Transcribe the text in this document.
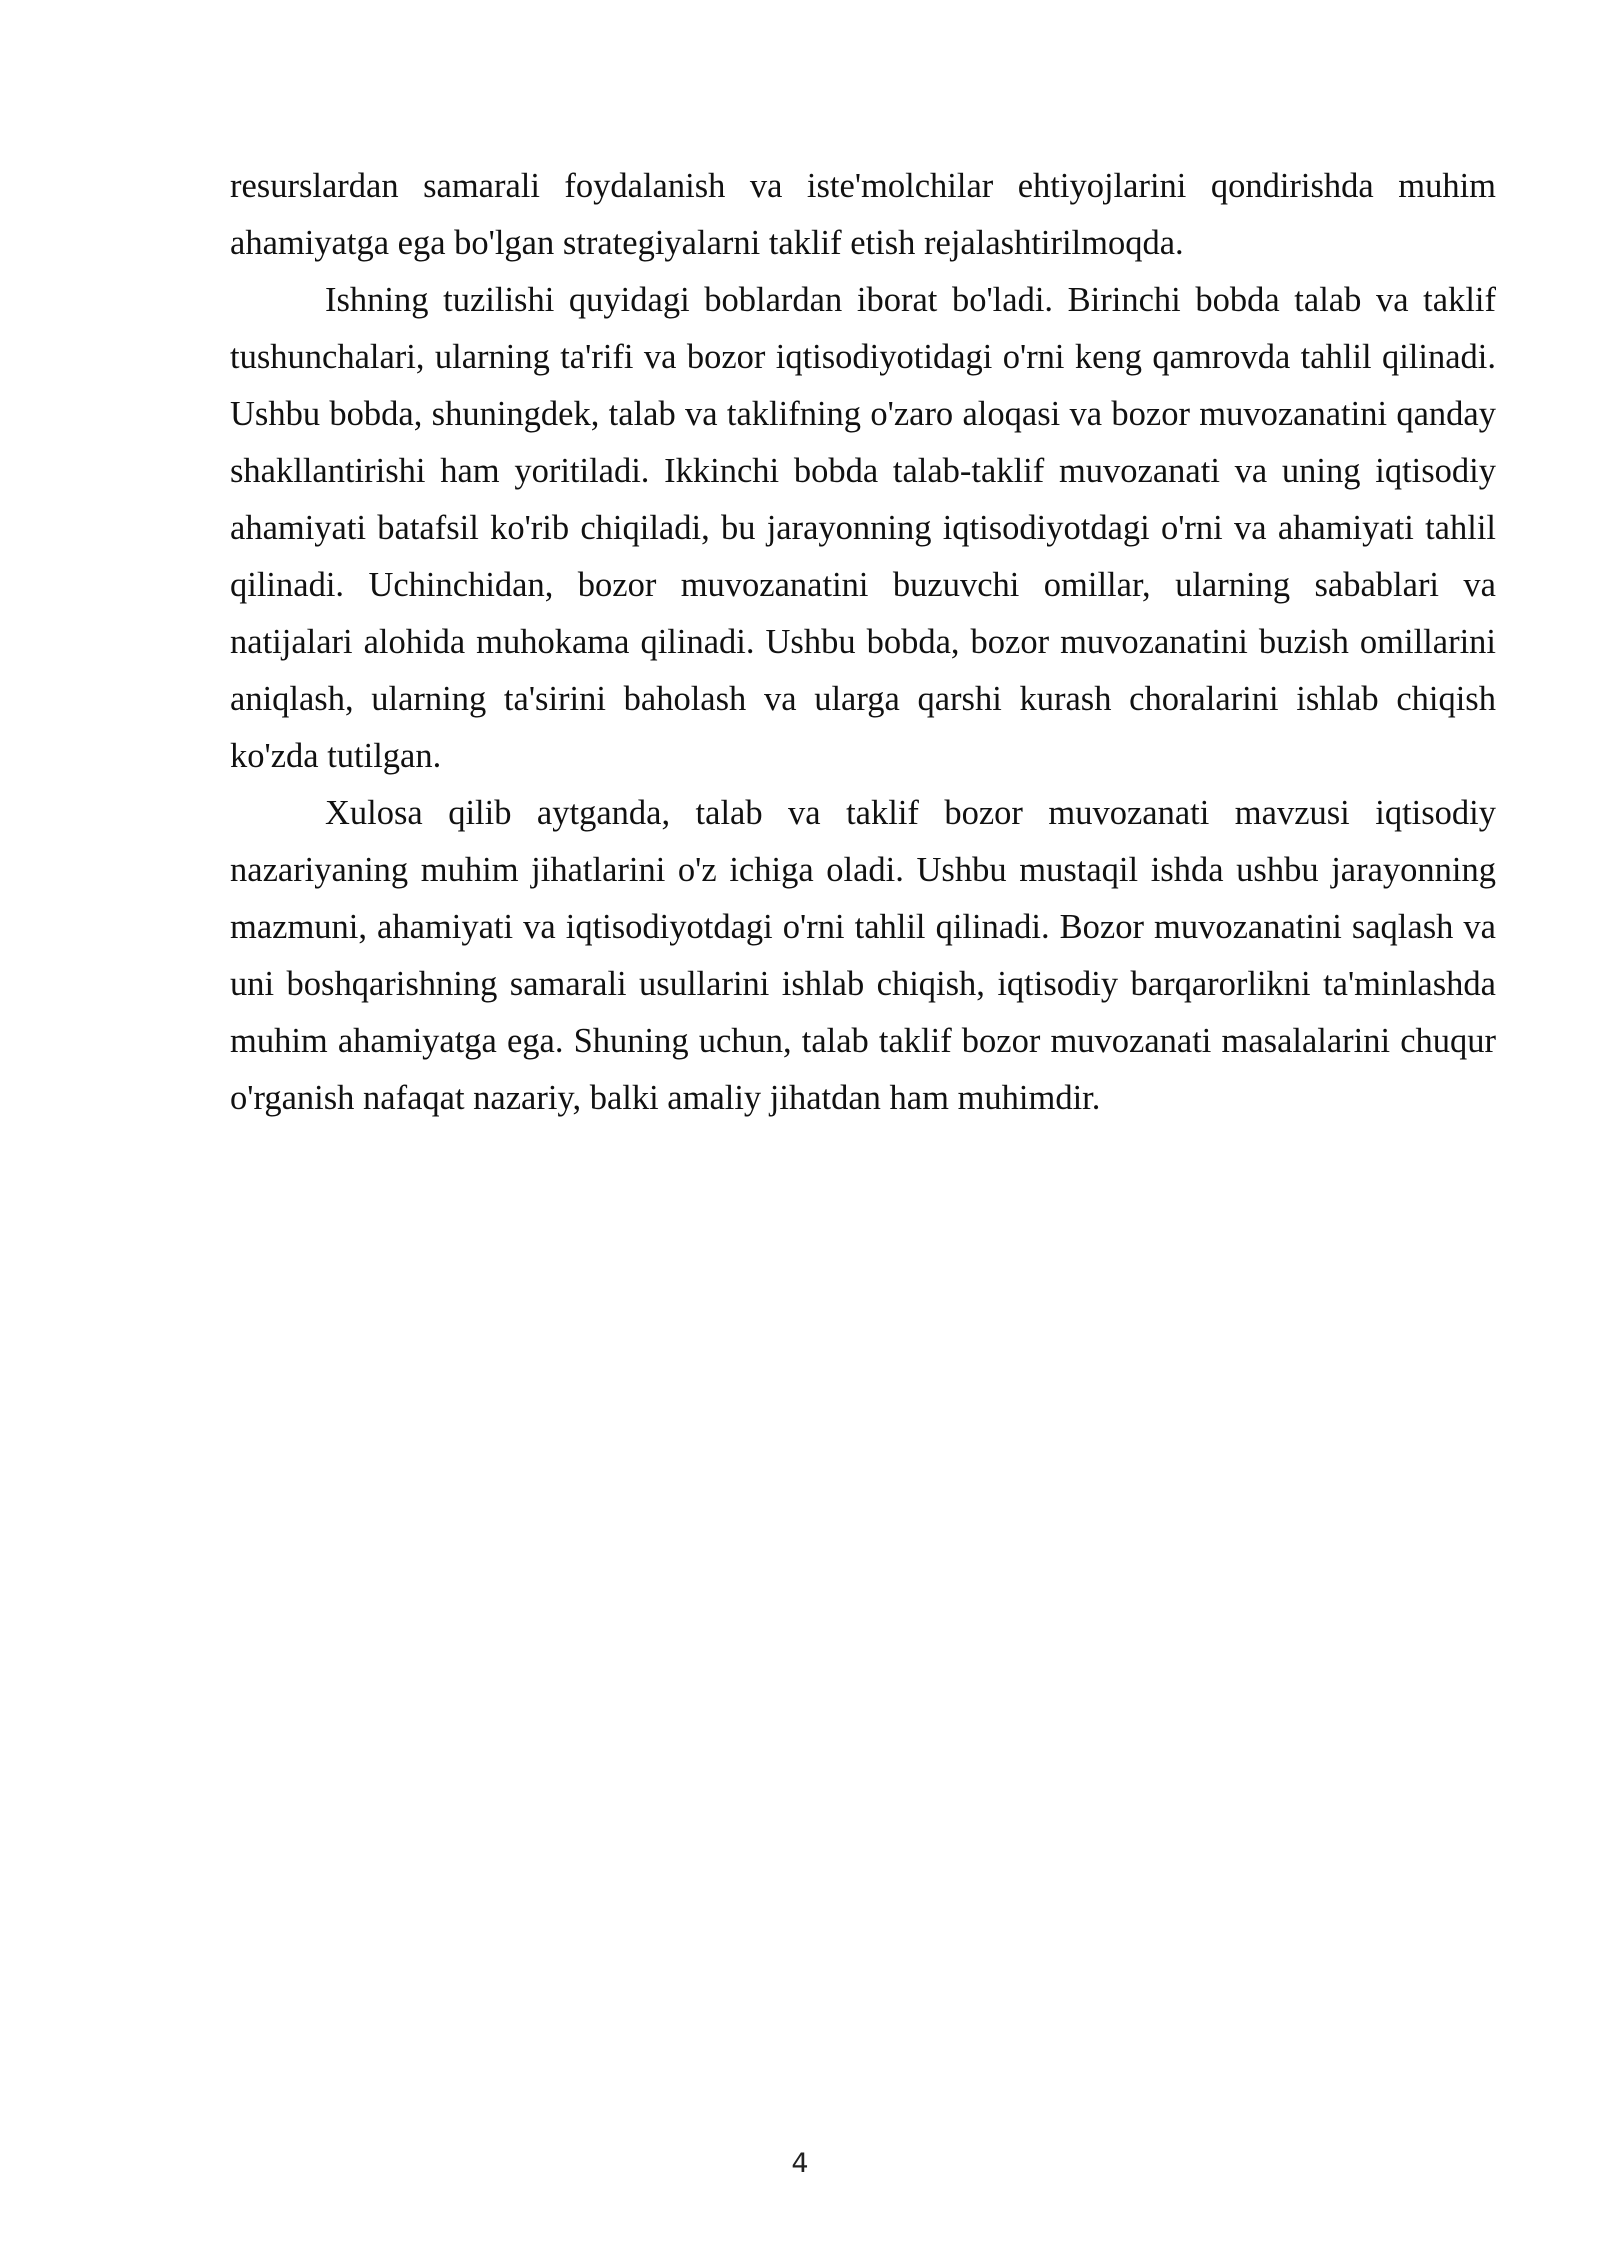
resurslardan samarali foydalanish va iste'molchilar ehtiyojlarini qondirishda muhim ahamiyatga ega bo'lgan strategiyalarni taklif etish rejalashtirilmoqda.

Ishning tuzilishi quyidagi boblardan iborat bo'ladi. Birinchi bobda talab va taklif tushunchalari, ularning ta'rifi va bozor iqtisodiyotidagi o'rni keng qamrovda tahlil qilinadi. Ushbu bobda, shuningdek, talab va taklifning o'zaro aloqasi va bozor muvozanatini qanday shakllantirishi ham yoritiladi. Ikkinchi bobda talab-taklif muvozanati va uning iqtisodiy ahamiyati batafsil ko'rib chiqiladi, bu jarayonning iqtisodiyotdagi o'rni va ahamiyati tahlil qilinadi. Uchinchidan, bozor muvozanatini buzuvchi omillar, ularning sabablari va natijalari alohida muhokama qilinadi. Ushbu bobda, bozor muvozanatini buzish omillarini aniqlash, ularning ta'sirini baholash va ularga qarshi kurash choralarini ishlab chiqish ko'zda tutilgan.

Xulosa qilib aytganda, talab va taklif bozor muvozanati mavzusi iqtisodiy nazariyaning muhim jihatlarini o'z ichiga oladi. Ushbu mustaqil ishda ushbu jarayonning mazmuni, ahamiyati va iqtisodiyotdagi o'rni tahlil qilinadi. Bozor muvozanatini saqlash va uni boshqarishning samarali usullarini ishlab chiqish, iqtisodiy barqarorlikni ta'minlashda muhim ahamiyatga ega. Shuning uchun, talab taklif bozor muvozanati masalalarini chuqur o'rganish nafaqat nazariy, balki amaliy jihatdan ham muhimdir.

4
